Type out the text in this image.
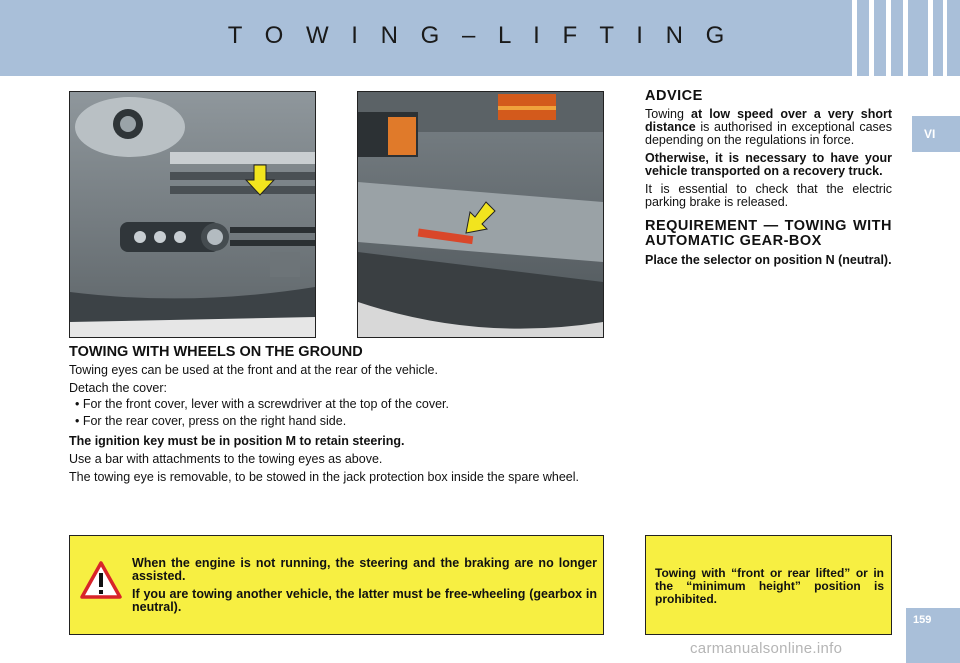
T O W I N G – L I F T I N G
VI
159
TOWING WITH WHEELS ON THE GROUND

Towing eyes can be used at the front and at the rear of the vehicle.

Detach the cover:

• For the front cover, lever with a screwdriver at the top of the cover.

• For the rear cover, press on the right hand side.

The ignition key must be in position M to retain steering.

Use a bar with attachments to the towing eyes as above.

The towing eye is removable, to be stowed in the jack protection box inside the spare wheel.

ADVICE

Towing at low speed over a very short distance is authorised in exceptional cases depending on the regulations in force.

Otherwise, it is necessary to have your vehicle transported on a recovery truck.

It is essential to check that the electric parking brake is released.

REQUIREMENT — TOWING WITH AUTOMATIC GEAR-BOX

Place the selector on position N (neutral).

When the engine is not running, the steering and the braking are no longer assisted.

If you are towing another vehicle, the latter must be free-wheeling (gearbox in neutral).

Towing with “front or rear lifted” or in the “minimum height” position is prohibited.
carmanualsonline.info
